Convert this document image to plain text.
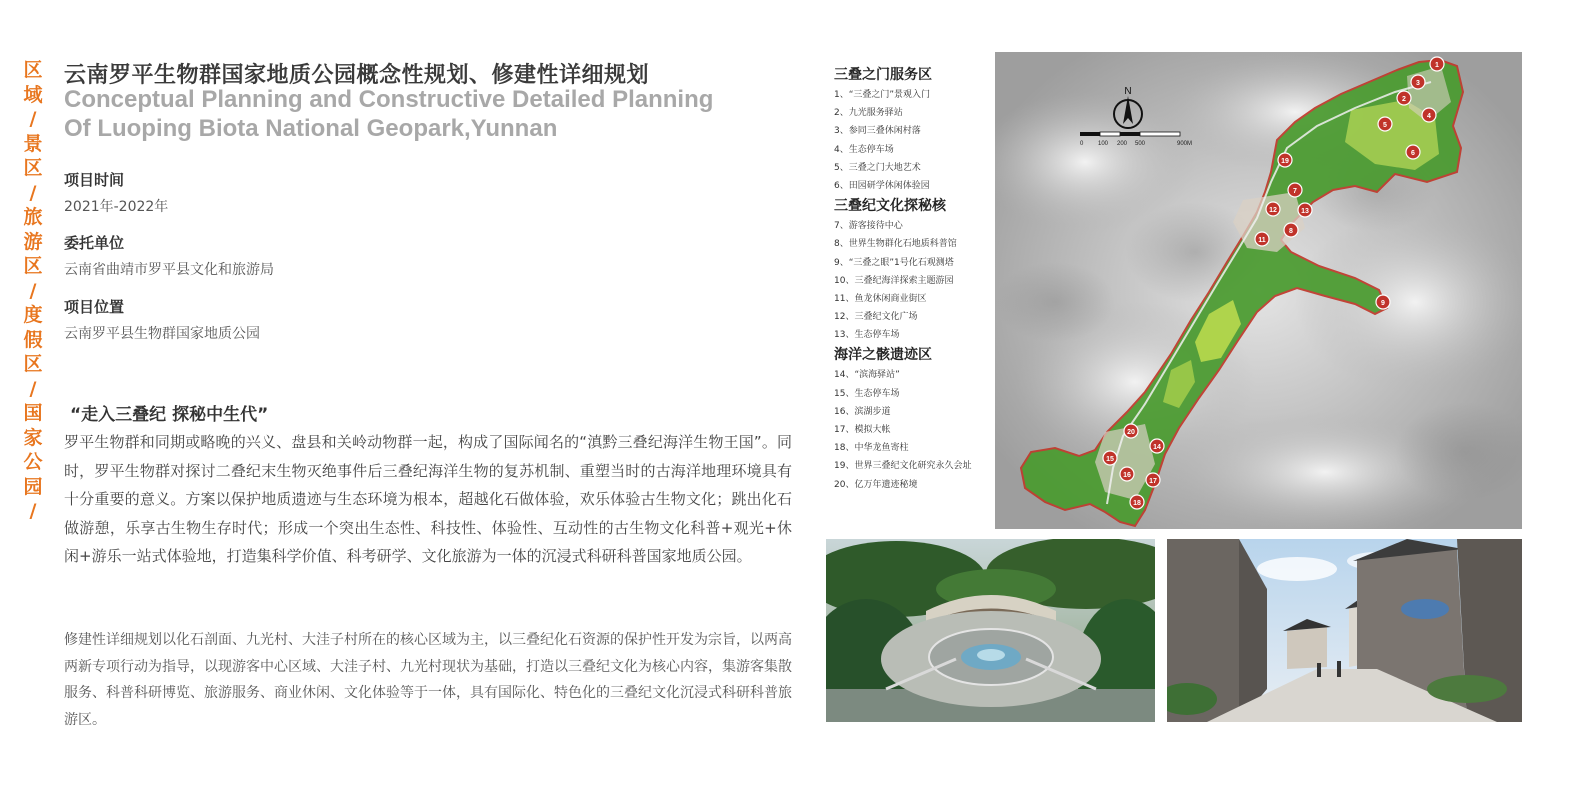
区
域
/
景
区
/
旅
游
区
/
度
假
区
/
国
家
公
园
/
云南罗平生物群国家地质公园概念性规划、修建性详细规划
Conceptual Planning and Constructive Detailed Planning
Of Luoping Biota National Geopark,Yunnan
项目时间
2021年-2022年
委托单位
云南省曲靖市罗平县文化和旅游局
项目位置
云南罗平县生物群国家地质公园
“走入三叠纪 探秘中生代”
罗平生物群和同期或略晚的兴义、盘县和关岭动物群一起，构成了国际闻名的“滇黔三叠纪海洋生物王国”。同时，罗平生物群对探讨二叠纪末生物灭绝事件后三叠纪海洋生物的复苏机制、重塑当时的古海洋地理环境具有十分重要的意义。方案以保护地质遗迹与生态环境为根本，超越化石做体验，欢乐体验古生物文化；跳出化石做游憩，乐享古生物生存时代；形成一个突出生态性、科技性、体验性、互动性的古生物文化科普+观光+休闲+游乐一站式体验地，打造集科学价值、科考研学、文化旅游为一体的沉浸式科研科普国家地质公园。
修建性详细规划以化石剖面、九光村、大洼子村所在的核心区域为主，以三叠纪化石资源的保护性开发为宗旨，以两高两新专项行动为指导，以现游客中心区域、大洼子村、九光村现状为基础，打造以三叠纪文化为核心内容，集游客集散服务、科普科研博览、旅游服务、商业休闲、文化体验等于一体，具有国际化、特色化的三叠纪文化沉浸式科研科普旅游区。
三叠之门服务区
1、“三叠之门”景观入门
2、九光服务驿站
3、参同三叠休闲村落
4、生态停车场
5、三叠之门大地艺术
6、田园研学休闲体验园
三叠纪文化探秘核
7、游客接待中心
8、世界生物群化石地质科普馆
9、“三叠之眼”1号化石观测塔
10、三叠纪海洋探索主题游园
11、鱼龙休闲商业街区
12、三叠纪文化广场
13、生态停车场
海洋之骸遗迹区
14、“滨海驿站”
15、生态停车场
16、滨湖步道
17、模拟大帐
18、中华龙鱼寄柱
19、世界三叠纪文化研究永久会址
20、亿万年遗迹秘境
N
0 100 200 500	900M
1
2
3
4
5
6
7
8
9
19
11
12	13
14
15
16
17
18
20
